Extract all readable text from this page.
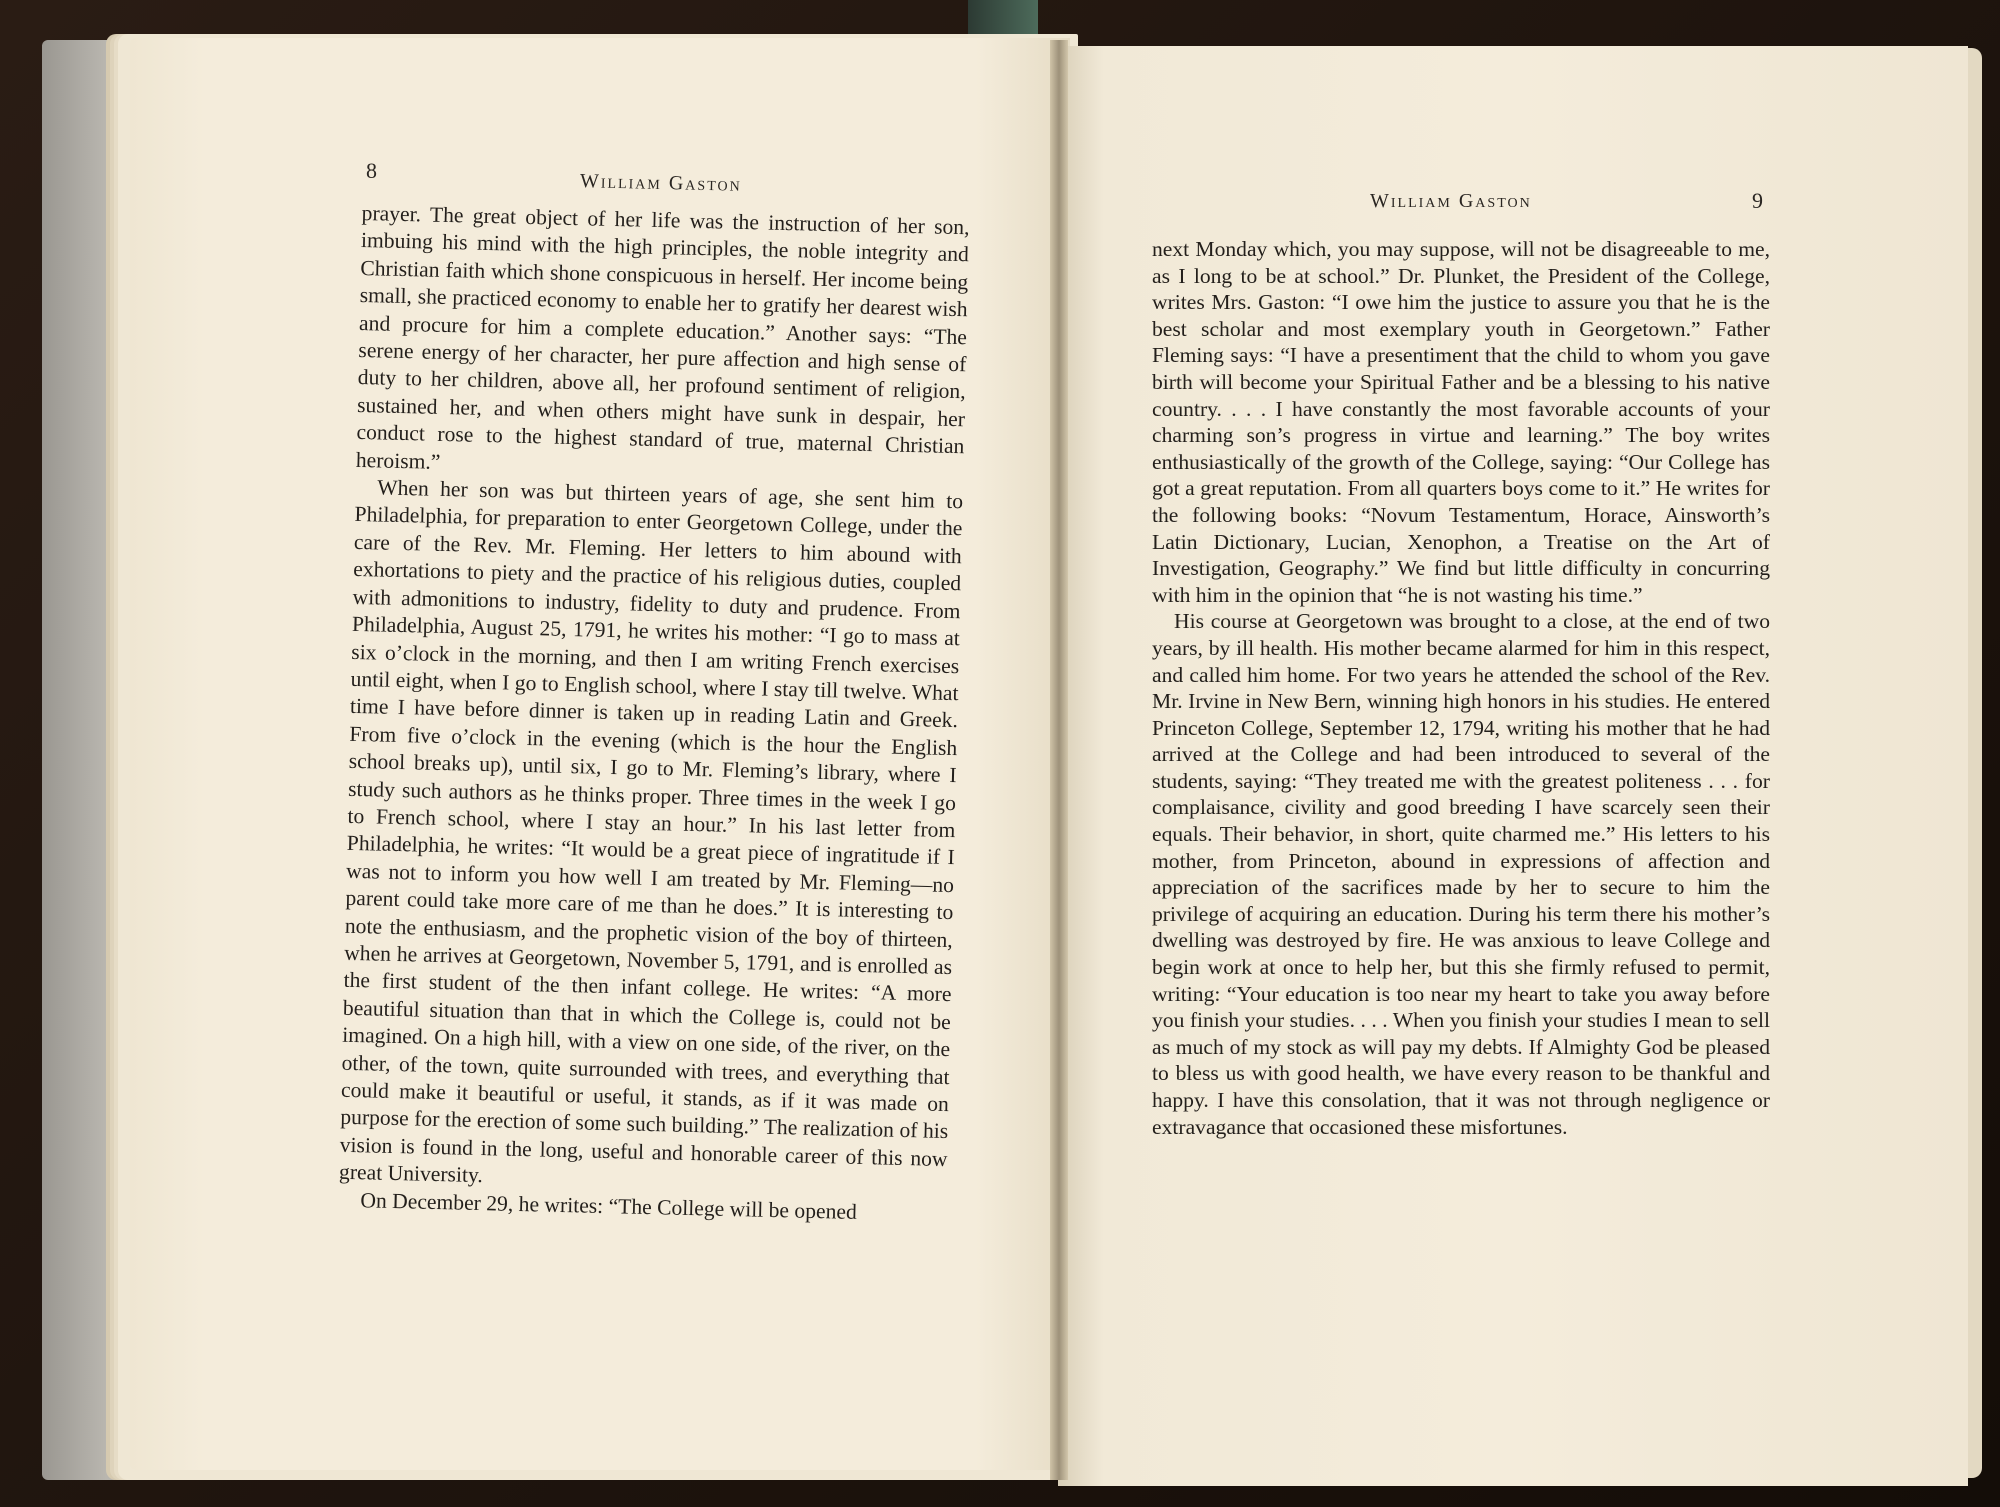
8	William Gaston

prayer. The great object of her life was the instruction of her son, imbuing his mind with the high principles, the noble integrity and Christian faith which shone conspicuous in herself. Her income being small, she practiced economy to enable her to gratify her dearest wish and procure for him a complete education.” Another says: “The serene energy of her character, her pure affection and high sense of duty to her children, above all, her profound sentiment of religion, sustained her, and when others might have sunk in despair, her conduct rose to the highest standard of true, maternal Christian heroism.”

When her son was but thirteen years of age, she sent him to Philadelphia, for preparation to enter Georgetown College, under the care of the Rev. Mr. Fleming. Her letters to him abound with exhortations to piety and the practice of his religious duties, coupled with admonitions to industry, fidelity to duty and prudence. From Philadelphia, August 25, 1791, he writes his mother: “I go to mass at six o’clock in the morning, and then I am writing French exercises until eight, when I go to English school, where I stay till twelve. What time I have before dinner is taken up in reading Latin and Greek. From five o’clock in the evening (which is the hour the English school breaks up), until six, I go to Mr. Fleming’s library, where I study such authors as he thinks proper. Three times in the week I go to French school, where I stay an hour.” In his last letter from Philadelphia, he writes: “It would be a great piece of ingratitude if I was not to inform you how well I am treated by Mr. Fleming—no parent could take more care of me than he does.” It is interesting to note the enthusiasm, and the prophetic vision of the boy of thirteen, when he arrives at Georgetown, November 5, 1791, and is enrolled as the first student of the then infant college. He writes: “A more beautiful situation than that in which the College is, could not be imagined. On a high hill, with a view on one side, of the river, on the other, of the town, quite surrounded with trees, and everything that could make it beautiful or useful, it stands, as if it was made on purpose for the erection of some such building.” The realization of his vision is found in the long, useful and honorable career of this now great University.

On December 29, he writes: “The College will be opened

William Gaston	9

next Monday which, you may suppose, will not be disagreeable to me, as I long to be at school.” Dr. Plunket, the President of the College, writes Mrs. Gaston: “I owe him the justice to assure you that he is the best scholar and most exemplary youth in Georgetown.” Father Fleming says: “I have a presentiment that the child to whom you gave birth will become your Spiritual Father and be a blessing to his native country. . . . I have constantly the most favorable accounts of your charming son’s progress in virtue and learning.” The boy writes enthusiastically of the growth of the College, saying: “Our College has got a great reputation. From all quarters boys come to it.” He writes for the following books: “Novum Testamentum, Horace, Ainsworth’s Latin Dictionary, Lucian, Xenophon, a Treatise on the Art of Investigation, Geography.” We find but little difficulty in concurring with him in the opinion that “he is not wasting his time.”

His course at Georgetown was brought to a close, at the end of two years, by ill health. His mother became alarmed for him in this respect, and called him home. For two years he attended the school of the Rev. Mr. Irvine in New Bern, winning high honors in his studies. He entered Princeton College, September 12, 1794, writing his mother that he had arrived at the College and had been introduced to several of the students, saying: “They treated me with the greatest politeness . . . for complaisance, civility and good breeding I have scarcely seen their equals. Their behavior, in short, quite charmed me.” His letters to his mother, from Princeton, abound in expressions of affection and appreciation of the sacrifices made by her to secure to him the privilege of acquiring an education. During his term there his mother’s dwelling was destroyed by fire. He was anxious to leave College and begin work at once to help her, but this she firmly refused to permit, writing: “Your education is too near my heart to take you away before you finish your studies. . . . When you finish your studies I mean to sell as much of my stock as will pay my debts. If Almighty God be pleased to bless us with good health, we have every reason to be thankful and happy. I have this consolation, that it was not through negligence or extravagance that occasioned these misfortunes.
